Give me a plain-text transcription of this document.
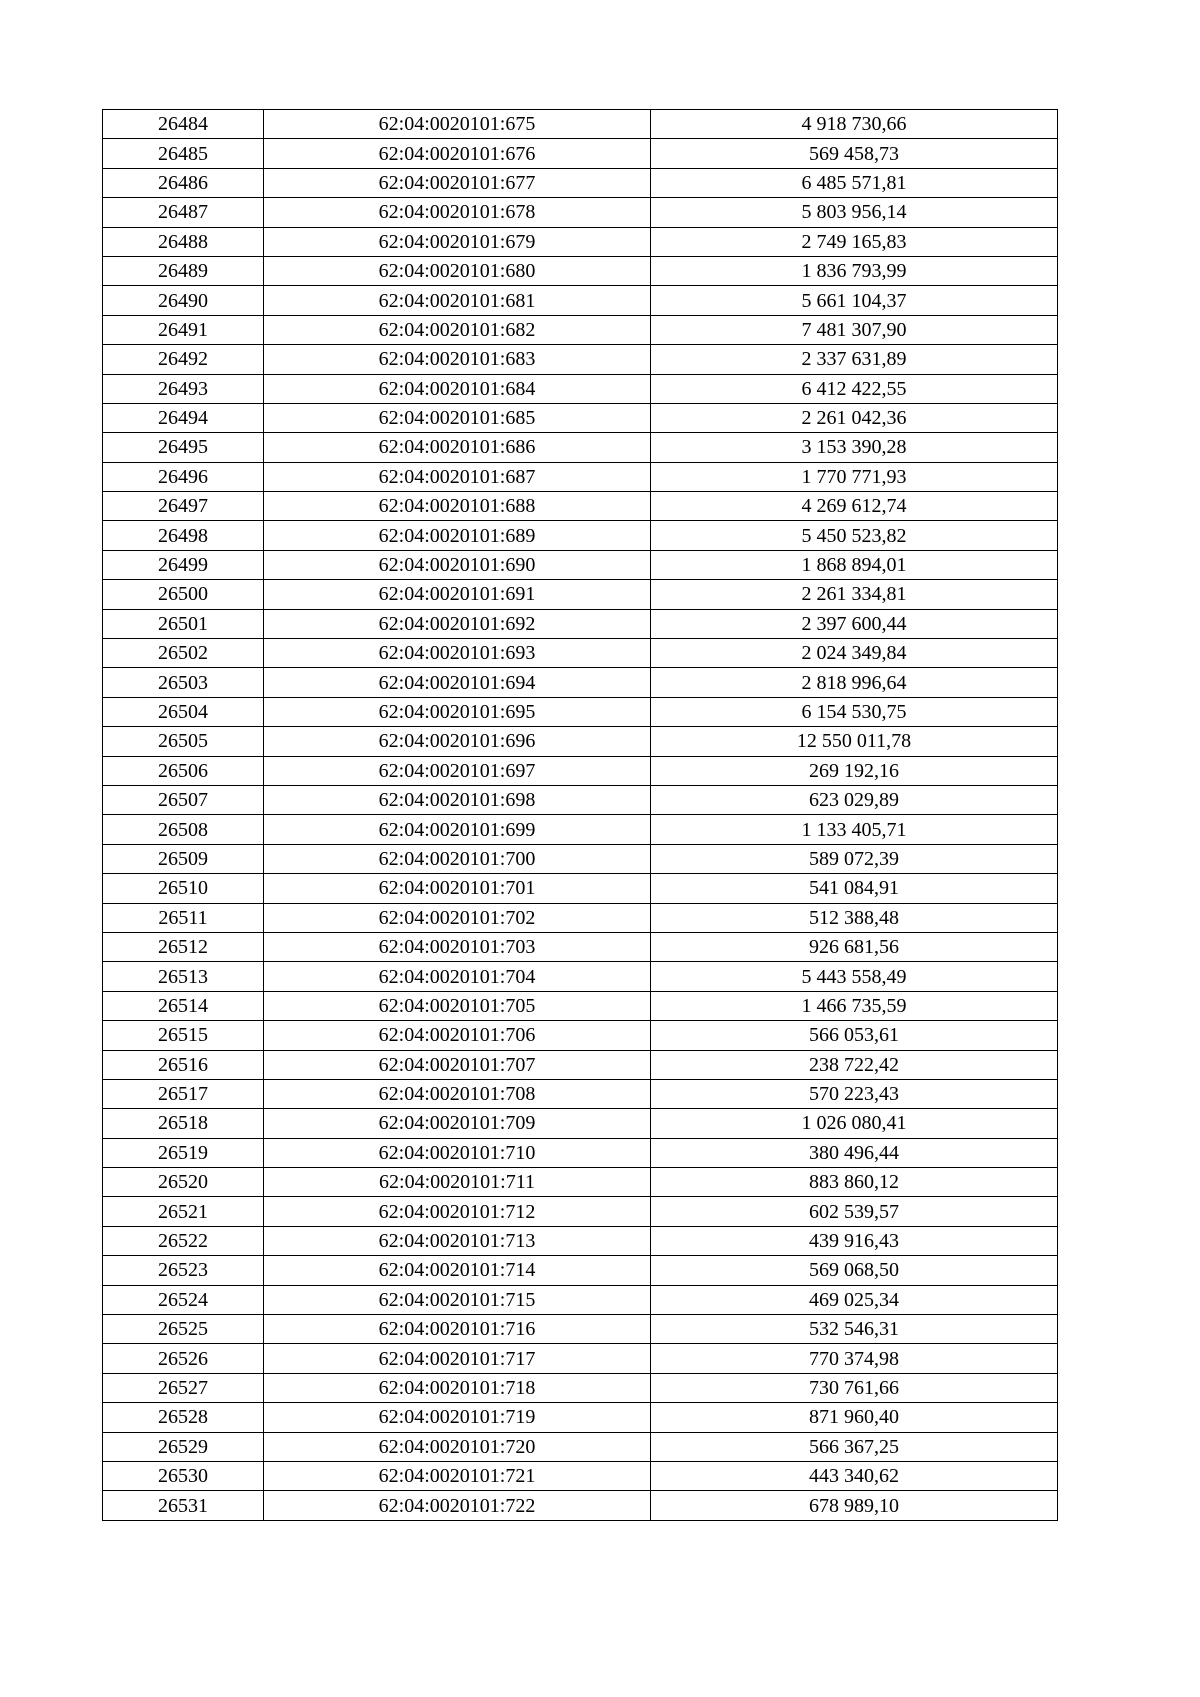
26484	62:04:0020101:675	4 918 730,66
26485	62:04:0020101:676	569 458,73
26486	62:04:0020101:677	6 485 571,81
26487	62:04:0020101:678	5 803 956,14
26488	62:04:0020101:679	2 749 165,83
26489	62:04:0020101:680	1 836 793,99
26490	62:04:0020101:681	5 661 104,37
26491	62:04:0020101:682	7 481 307,90
26492	62:04:0020101:683	2 337 631,89
26493	62:04:0020101:684	6 412 422,55
26494	62:04:0020101:685	2 261 042,36
26495	62:04:0020101:686	3 153 390,28
26496	62:04:0020101:687	1 770 771,93
26497	62:04:0020101:688	4 269 612,74
26498	62:04:0020101:689	5 450 523,82
26499	62:04:0020101:690	1 868 894,01
26500	62:04:0020101:691	2 261 334,81
26501	62:04:0020101:692	2 397 600,44
26502	62:04:0020101:693	2 024 349,84
26503	62:04:0020101:694	2 818 996,64
26504	62:04:0020101:695	6 154 530,75
26505	62:04:0020101:696	12 550 011,78
26506	62:04:0020101:697	269 192,16
26507	62:04:0020101:698	623 029,89
26508	62:04:0020101:699	1 133 405,71
26509	62:04:0020101:700	589 072,39
26510	62:04:0020101:701	541 084,91
26511	62:04:0020101:702	512 388,48
26512	62:04:0020101:703	926 681,56
26513	62:04:0020101:704	5 443 558,49
26514	62:04:0020101:705	1 466 735,59
26515	62:04:0020101:706	566 053,61
26516	62:04:0020101:707	238 722,42
26517	62:04:0020101:708	570 223,43
26518	62:04:0020101:709	1 026 080,41
26519	62:04:0020101:710	380 496,44
26520	62:04:0020101:711	883 860,12
26521	62:04:0020101:712	602 539,57
26522	62:04:0020101:713	439 916,43
26523	62:04:0020101:714	569 068,50
26524	62:04:0020101:715	469 025,34
26525	62:04:0020101:716	532 546,31
26526	62:04:0020101:717	770 374,98
26527	62:04:0020101:718	730 761,66
26528	62:04:0020101:719	871 960,40
26529	62:04:0020101:720	566 367,25
26530	62:04:0020101:721	443 340,62
26531	62:04:0020101:722	678 989,10
